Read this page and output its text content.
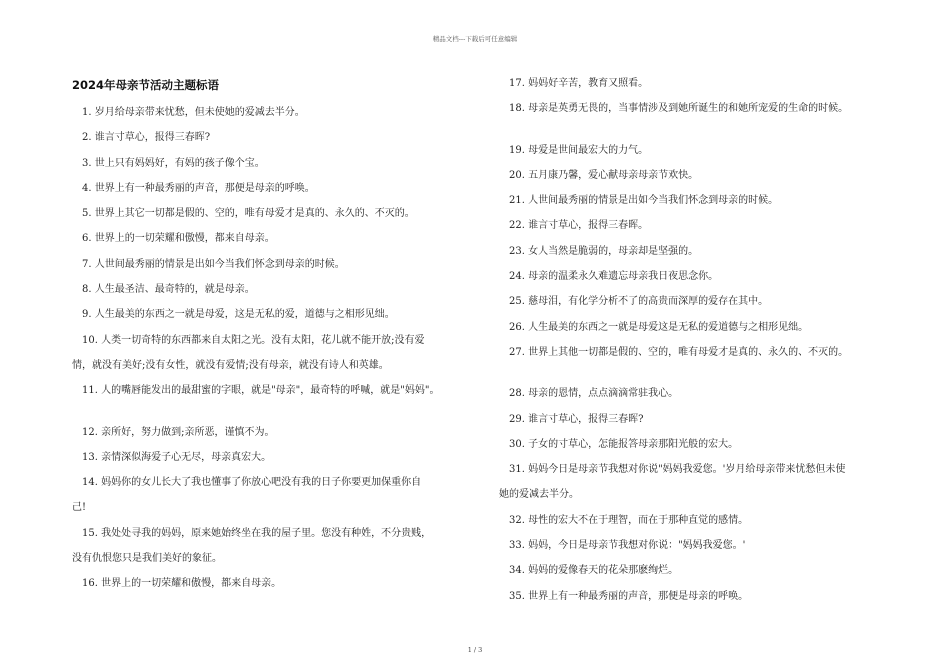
精品文档---下载后可任意编辑
2024年母亲节活动主题标语
1. 岁月给母亲带来忧愁，但未使她的爱减去半分。
2. 谁言寸草心，报得三春晖?
3. 世上只有妈妈好，有妈的孩子像个宝。
4. 世界上有一种最秀丽的声音，那便是母亲的呼唤。
5. 世界上其它一切都是假的、空的，唯有母爱才是真的、永久的、不灭的。
6. 世界上的一切荣耀和傲慢，都来自母亲。
7. 人世间最秀丽的情景是出如今当我们怀念到母亲的时候。
8. 人生最圣洁、最奇特的，就是母亲。
9. 人生最美的东西之一就是母爱，这是无私的爱，道德与之相形见绌。
10. 人类一切奇特的东西都来自太阳之光。没有太阳，花儿就不能开放;没有爱
情，就没有美好;没有女性，就没有爱情;没有母亲，就没有诗人和英雄。
11. 人的嘴唇能发出的最甜蜜的字眼，就是"母亲"，最奇特的呼喊，就是"妈妈"。
12. 亲所好，努力做到;亲所恶，谨慎不为。
13. 亲情深似海爱子心无尽，母亲真宏大。
14. 妈妈你的女儿长大了我也懂事了你放心吧没有我的日子你要更加保重你自
己!
15. 我处处寻我的妈妈，原来她始终坐在我的屋子里。您没有种姓，不分贵贱，
没有仇恨您只是我们美好的象征。
16. 世界上的一切荣耀和傲慢，都来自母亲。
17. 妈妈好辛苦，教育又照看。
18. 母亲是英勇无畏的，当事情涉及到她所诞生的和她所宠爱的生命的时候。
19. 母爱是世间最宏大的力气。
20. 五月康乃馨，爱心献母亲母亲节欢快。
21. 人世间最秀丽的情景是出如今当我们怀念到母亲的时候。
22. 谁言寸草心，报得三春晖。
23. 女人当然是脆弱的，母亲却是坚强的。
24. 母亲的温柔永久难遗忘母亲我日夜思念你。
25. 慈母泪，有化学分析不了的高贵而深厚的爱存在其中。
26. 人生最美的东西之一就是母爱这是无私的爱道德与之相形见绌。
27. 世界上其他一切都是假的、空的，唯有母爱才是真的、永久的、不灭的。
28. 母亲的恩情，点点滴滴常驻我心。
29. 谁言寸草心，报得三春晖?
30. 子女的寸草心，怎能报答母亲那阳光般的宏大。
31. 妈妈今日是母亲节我想对你说"妈妈我爱您。'岁月给母亲带来忧愁但未使
她的爱减去半分。
32. 母性的宏大不在于理智，而在于那种直觉的感情。
33. 妈妈，今日是母亲节我想对你说："妈妈我爱您。'
34. 妈妈的爱像春天的花朵那麽绚烂。
35. 世界上有一种最秀丽的声音，那便是母亲的呼唤。
1 / 3
